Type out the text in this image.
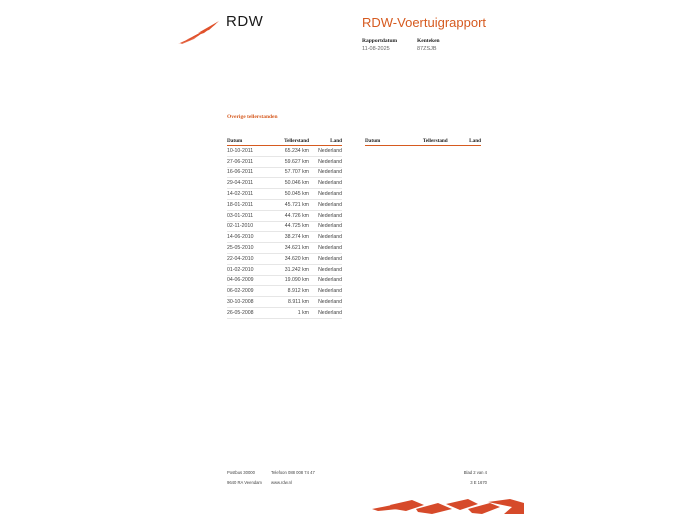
RDW	RDW-Voertuigrapport
Rapportdatum
11-08-2025
Kenteken
87ZSJB
Overige tellerstanden
Datum	Tellerstand	Land
10-10-2011	65.234 km	Nederland
27-06-2011	59.627 km	Nederland
16-06-2011	57.707 km	Nederland
29-04-2011	50.046 km	Nederland
14-02-2011	50.045 km	Nederland
18-01-2011	45.721 km	Nederland
03-01-2011	44.726 km	Nederland
02-11-2010	44.725 km	Nederland
14-06-2010	38.274 km	Nederland
25-05-2010	34.621 km	Nederland
22-04-2010	34.620 km	Nederland
01-02-2010	31.242 km	Nederland
04-06-2009	19.090 km	Nederland
06-02-2009	8.912 km	Nederland
30-10-2008	8.911 km	Nederland
26-05-2008	1 km	Nederland
Datum	Tellerstand	Land
Postbus 30000
9640 RA Veendam
Telefoon 088 008 74 47
www.rdw.nl
Blad 2 van 4
3 E 1670
